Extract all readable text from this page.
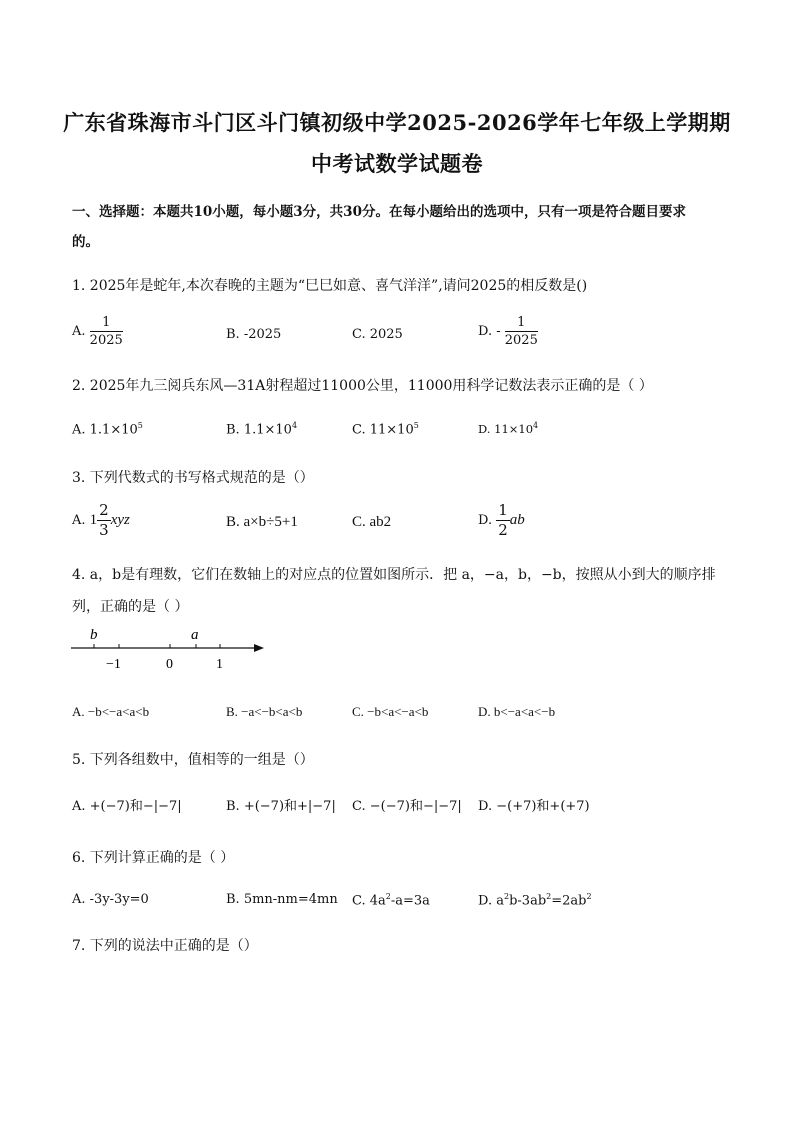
广东省珠海市斗门区斗门镇初级中学2025-2026学年七年级上学期期
中考试数学试题卷
一、选择题：本题共10小题，每小题3分，共30分。在每小题给出的选项中，只有一项是符合题目要求
的。
1. 2025年是蛇年,本次春晚的主题为“巳巳如意、喜气洋洋”,请问2025的相反数是()
A. $\frac{1}{2025}$	B. -2025	C. 2025	D. - $\frac{1}{2025}$
2. 2025年九三阅兵东风—31A射程超过11000公里，11000用科学记数法表示正确的是（ ）
A. $1.1\times 10^5$	B. $1.1\times 10^4$	C. $11\times 10^5$	D. $11\times 10^4$
3. 下列代数式的书写格式规范的是（）
A. $1 \frac{2}{3}$ xyz	B. a×b÷5+1	C. ab2	D. $\frac{1}{2}$ ab
4. a，b是有理数，它们在数轴上的对应点的位置如图所示．把 a，−a，b，−b，按照从小到大的顺序排
列，正确的是（ ）
b	a
−1	0	1
A. −b<−a<a<b	B. −a<−b<a<b	C. −b<a<−a<b	D. b<−a<a<−b
5. 下列各组数中，值相等的一组是（）
A. +(−7)和−|−7|	B. +(−7)和+|−7| C. −(−7)和−|−7| D. −(+7)和+(+7)
6. 下列计算正确的是（ ）
A. -3y-3y=0	B. 5mn-nm=4mn C. $4a^2-a=3a$	D. $a^2b-3ab^2=2ab^2$
7. 下列的说法中正确的是（）
